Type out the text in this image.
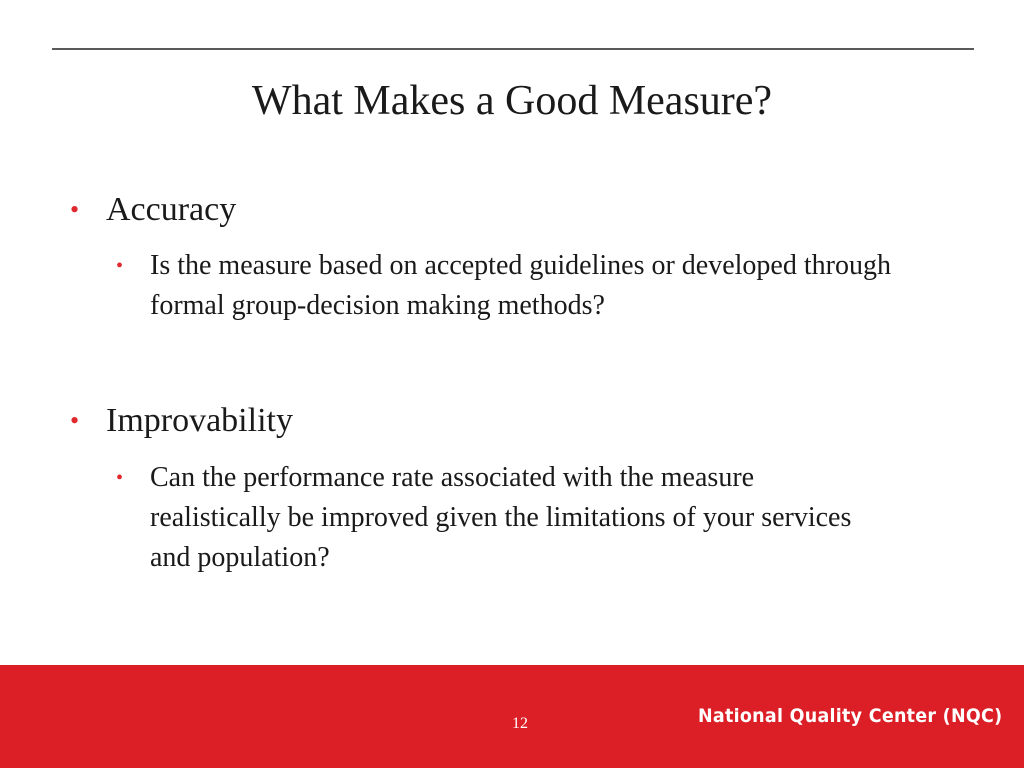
What Makes a Good Measure?
• Accuracy
• Is the measure based on accepted guidelines or developed through formal group-decision making methods?
• Improvability
• Can the performance rate associated with the measure realistically be improved given the limitations of your services and population?
12	National Quality Center (NQC)
